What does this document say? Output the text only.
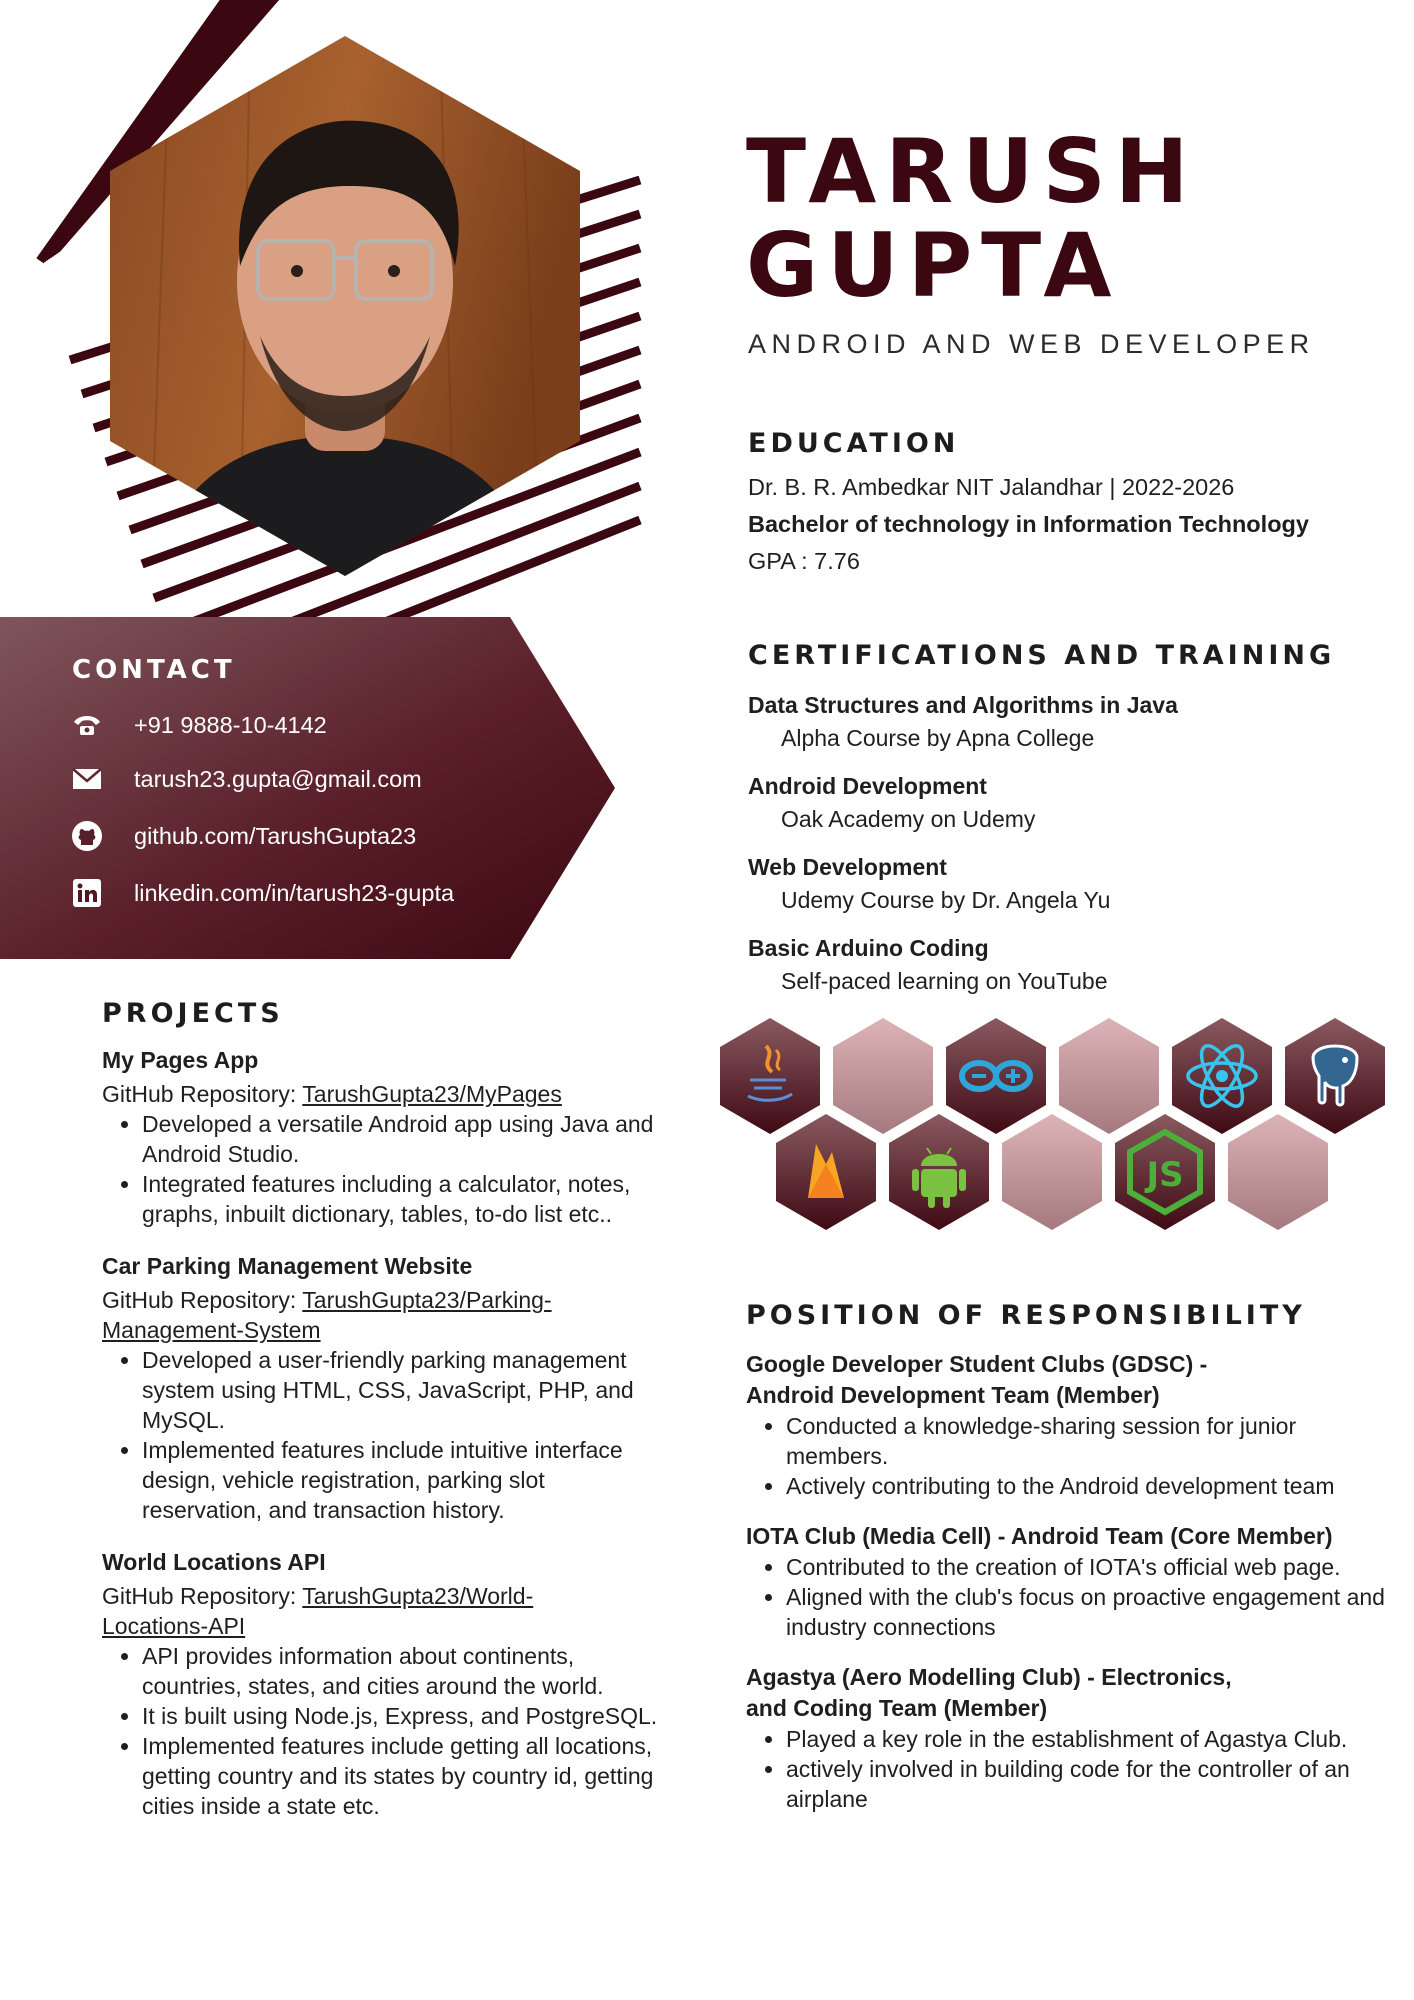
TARUSH
GUPTA
ANDROID AND WEB DEVELOPER
EDUCATION
Dr. B. R. Ambedkar NIT Jalandhar | 2022-2026
Bachelor of technology in Information Technology
GPA : 7.76
CERTIFICATIONS AND TRAINING
Data Structures and Algorithms in Java
Alpha Course by Apna College
Android Development
Oak Academy on Udemy
Web Development
Udemy Course by Dr. Angela Yu
Basic Arduino Coding
Self-paced learning on YouTube
CONTACT
+91 9888-10-4142
tarush23.gupta@gmail.com
github.com/TarushGupta23
linkedin.com/in/tarush23-gupta
PROJECTS
My Pages App
GitHub Repository: TarushGupta23/MyPages
• Developed a versatile Android app using Java and Android Studio.
• Integrated features including a calculator, notes, graphs, inbuilt dictionary, tables, to-do list etc..
Car Parking Management Website
GitHub Repository: TarushGupta23/Parking-
Management-System
• Developed a user-friendly parking management system using HTML, CSS, JavaScript, PHP, and MySQL.
• Implemented features include intuitive interface design, vehicle registration, parking slot reservation, and transaction history.
World Locations API
GitHub Repository: TarushGupta23/World-
Locations-API
• API provides information about continents, countries, states, and cities around the world.
• It is built using Node.js, Express, and PostgreSQL.
• Implemented features include getting all locations, getting country and its states by country id, getting cities inside a state etc.
JS
POSITION OF RESPONSIBILITY
Google Developer Student Clubs (GDSC) -
Android Development Team (Member)
• Conducted a knowledge-sharing session for junior members.
• Actively contributing to the Android development team
IOTA Club (Media Cell) - Android Team (Core Member)
• Contributed to the creation of IOTA's official web page.
• Aligned with the club's focus on proactive engagement and industry connections
Agastya (Aero Modelling Club) - Electronics,
and Coding Team (Member)
• Played a key role in the establishment of Agastya Club.
• actively involved in building code for the controller of an airplane
